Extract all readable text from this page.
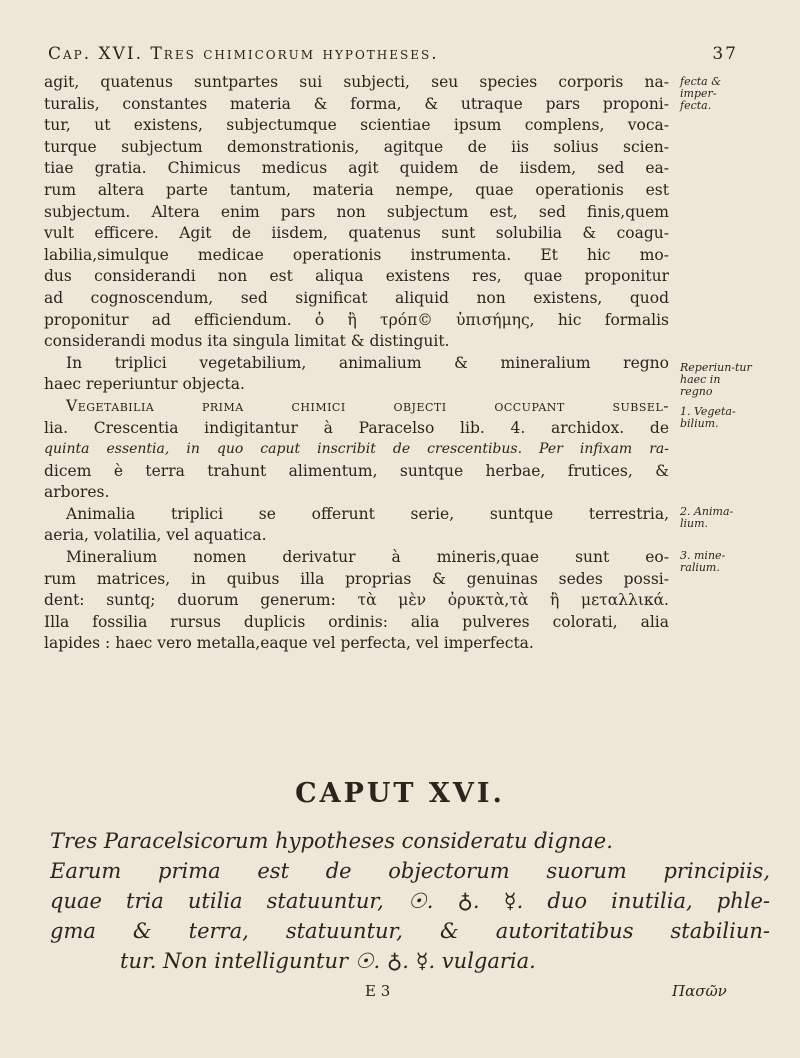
Cap. XVI. Tres chimicorum hypotheses.	37
agit, quatenus suntpartes sui subjecti, seu species corporis na-
turalis, constantes materia & forma, & utraque pars proponi-
tur, ut existens, subjectumque scientiae ipsum complens, voca-
turque subjectum demonstrationis, agitque de iis solius scien-
tiae gratia. Chimicus medicus agit quidem de iisdem, sed ea-
rum altera parte tantum, materia nempe, quae operationis est
subjectum. Altera enim pars non subjectum est, sed finis,quem
vult efficere. Agit de iisdem, quatenus sunt solubilia & coagu-
labilia,simulque medicae operationis instrumenta. Et hic mo-
dus considerandi non est aliqua existens res, quae proponitur
ad cognoscendum, sed significat aliquid non existens, quod
proponitur ad efficiendum. ὁ ἢ τρόπ© ὑπισήμης, hic formalis
considerandi modus ita singula limitat & distinguit.
In triplici vegetabilium, animalium & mineralium regno
haec reperiuntur objecta.
Vegetabilia prima chimici objecti occupant subsel-
lia. Crescentia indigitantur à Paracelso lib. 4. archidox. de
quinta essentia, in quo caput inscribit de crescentibus. Per infixam ra-
dicem è terra trahunt alimentum, suntque herbae, frutices, &
arbores.
Animalia triplici se offerunt serie, suntque terrestria,
aeria, volatilia, vel aquatica.
Mineralium nomen derivatur à mineris,quae sunt eo-
rum matrices, in quibus illa proprias & genuinas sedes possi-
dent: suntq; duorum generum: τὰ μὲν ὀρυκτὰ,τὰ ἢ μεταλλικά.
Illa fossilia rursus duplicis ordinis: alia pulveres colorati, alia
lapides : haec vero metalla,eaque vel perfecta, vel imperfecta.
fecta & imper-fecta.
Reperiun-tur haec in regno
1. Vegeta-bilium.
2. Anima-lium.
3. mine-ralium.
CAPUT XVI.
Tres Paracelsicorum hypotheses consideratu dignae.
Earum prima est de objectorum suorum principiis,
quae tria utilia statuuntur, ☉. ♁. ☿. duo inutilia, phle-
gma & terra, statuuntur, & autoritatibus stabiliun-
tur. Non intelliguntur ☉. ♁. ☿. vulgaria.
E 3	Πασῶν
